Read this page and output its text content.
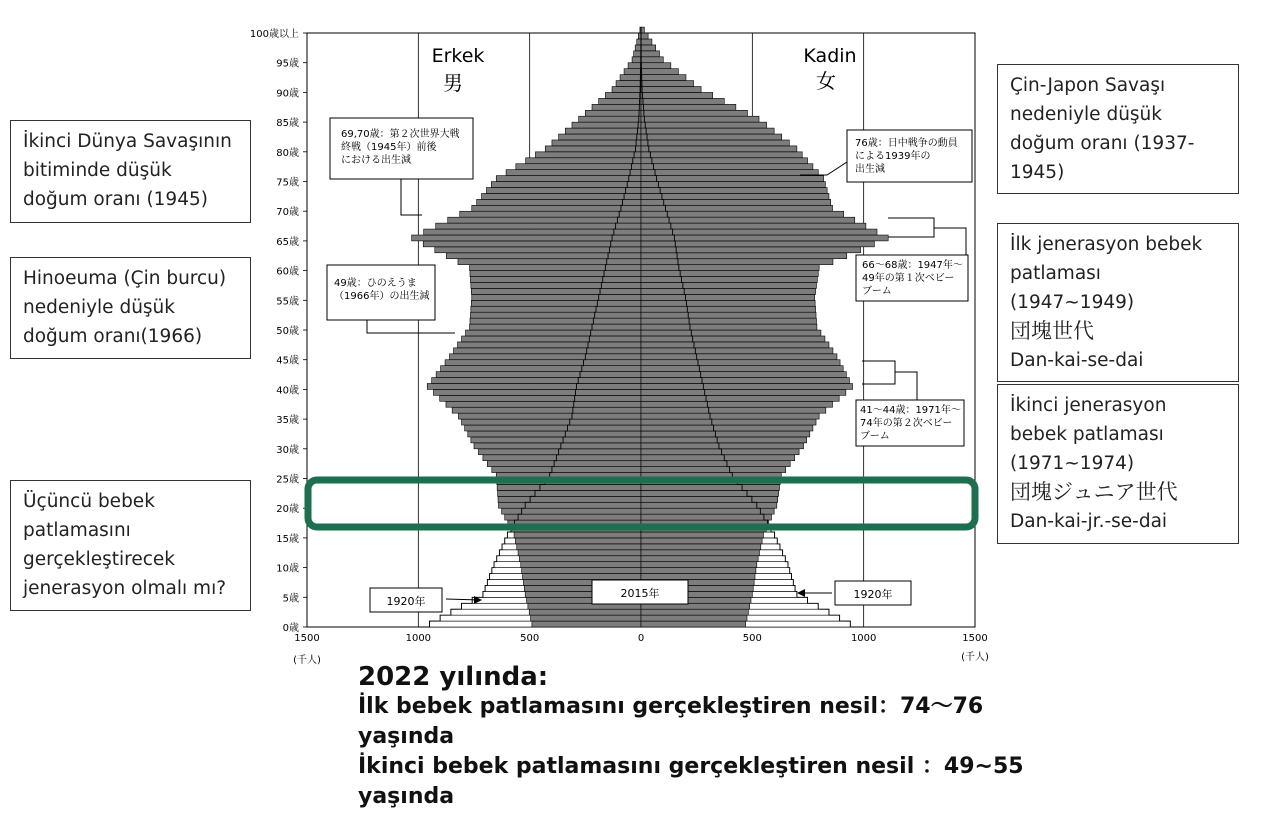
1500	1000	500	0	500	1000	1500
(千人)	(千人)
0歳
5歳
10歳
15歳
20歳
25歳
30歳
35歳
40歳
45歳
50歳
55歳
60歳
65歳
70歳
75歳
80歳
85歳
90歳
95歳
100歳以上
Erkek
男
Kadin
女
69,70歳：第２次世界大戦終戦（1945年）前後における出生減
76歳：日中戦争の動員による1939年の出生減
49歳：ひのえうま（1966年）の出生減
66～68歳：1947年～ 49年の第１次ベビーブーム
41～44歳：1971年～ 74年の第２次ベビーブーム
1920年
2015年	1920年
İkinci Dünya Savaşının
bitiminde düşük
doğum oranı (1945)
Hinoeuma (Çin burcu)
nedeniyle düşük
doğum oranı(1966)
Üçüncü bebek
patlamasını
gerçekleştirecek
jenerasyon olmalı mı?
Çin-Japon Savaşı
nedeniyle düşük
doğum oranı (1937-
1945)
İlk jenerasyon bebek
patlaması
(1947~1949)
団塊世代
Dan-kai-se-dai
İkinci jenerasyon
bebek patlaması
(1971~1974)
団塊ジュニア世代
Dan-kai-jr.-se-dai
2022 yılında:
İlk bebek patlamasını gerçekleştiren nesil：74〜76
yaşında
İkinci bebek patlamasını gerçekleştiren nesil ：49~55
yaşında
